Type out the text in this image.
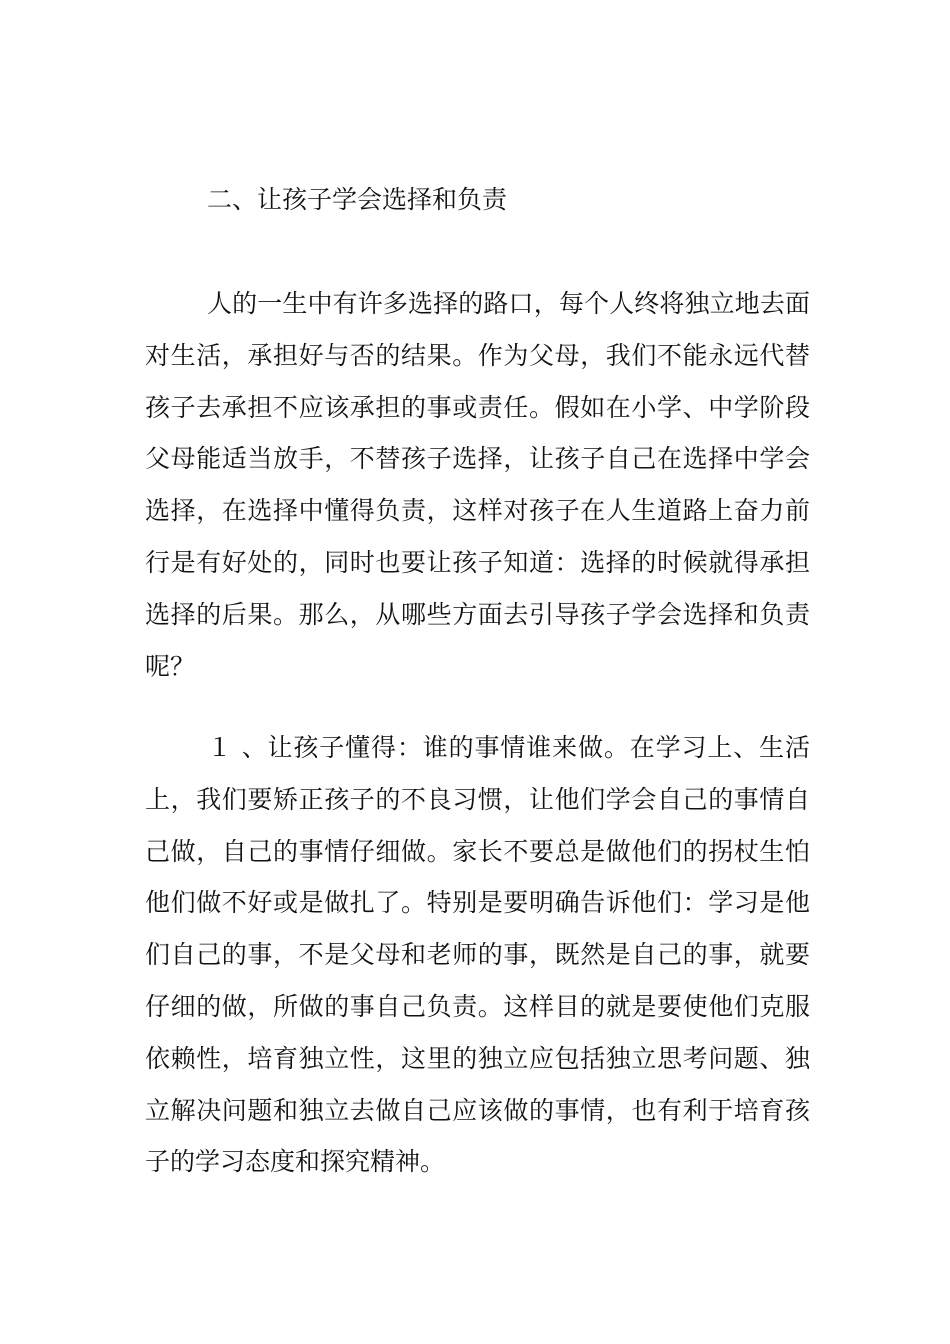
二、让孩子学会选择和负责

人的一生中有许多选择的路口，每个人终将独立地去面对生活，承担好与否的结果。作为父母，我们不能永远代替孩子去承担不应该承担的事或责任。假如在小学、中学阶段父母能适当放手，不替孩子选择，让孩子自己在选择中学会选择，在选择中懂得负责，这样对孩子在人生道路上奋力前行是有好处的，同时也要让孩子知道：选择的时候就得承担选择的后果。那么，从哪些方面去引导孩子学会选择和负责呢？

１ 、让孩子懂得：谁的事情谁来做。在学习上、生活上，我们要矫正孩子的不良习惯，让他们学会自己的事情自己做，自己的事情仔细做。家长不要总是做他们的拐杖生怕他们做不好或是做扎了。特别是要明确告诉他们：学习是他们自己的事，不是父母和老师的事，既然是自己的事，就要仔细的做，所做的事自己负责。这样目的就是要使他们克服依赖性，培育独立性，这里的独立应包括独立思考问题、独立解决问题和独立去做自己应该做的事情，也有利于培育孩子的学习态度和探究精神。
